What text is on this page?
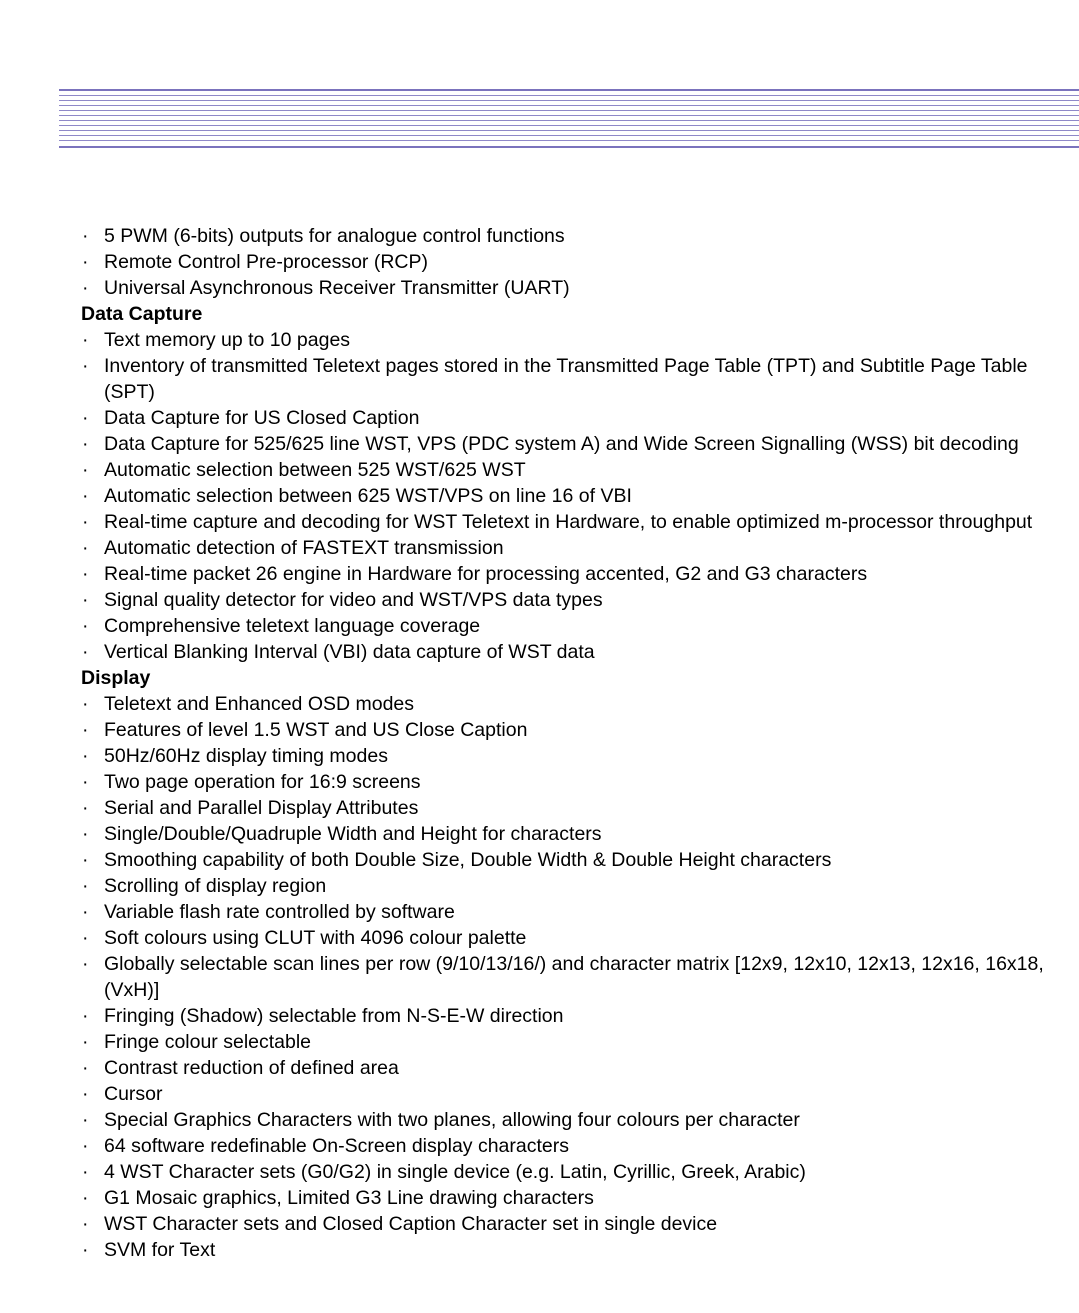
· 5 PWM (6-bits) outputs for analogue control functions
· Remote Control Pre-processor (RCP)
· Universal Asynchronous Receiver Transmitter (UART)
Data Capture
· Text memory up to 10 pages
· Inventory of transmitted Teletext pages stored in the Transmitted Page Table (TPT) and Subtitle Page Table (SPT)
· Data Capture for US Closed Caption
· Data Capture for 525/625 line WST, VPS (PDC system A) and Wide Screen Signalling (WSS) bit decoding
· Automatic selection between 525 WST/625 WST
· Automatic selection between 625 WST/VPS on line 16 of VBI
· Real-time capture and decoding for WST Teletext in Hardware, to enable optimized m-processor throughput
· Automatic detection of FASTEXT transmission
· Real-time packet 26 engine in Hardware for processing accented, G2 and G3 characters
· Signal quality detector for video and WST/VPS data types
· Comprehensive teletext language coverage
· Vertical Blanking Interval (VBI) data capture of WST data
Display
· Teletext and Enhanced OSD modes
· Features of level 1.5 WST and US Close Caption
· 50Hz/60Hz display timing modes
· Two page operation for 16:9 screens
· Serial and Parallel Display Attributes
· Single/Double/Quadruple Width and Height for characters
· Smoothing capability of both Double Size, Double Width & Double Height characters
· Scrolling of display region
· Variable flash rate controlled by software
· Soft colours using CLUT with 4096 colour palette
· Globally selectable scan lines per row (9/10/13/16/) and character matrix [12x9, 12x10, 12x13, 12x16, 16x18, (VxH)]
· Fringing (Shadow) selectable from N-S-E-W direction
· Fringe colour selectable
· Contrast reduction of defined area
· Cursor
· Special Graphics Characters with two planes, allowing four colours per character
· 64 software redefinable On-Screen display characters
· 4 WST Character sets (G0/G2) in single device (e.g. Latin, Cyrillic, Greek, Arabic)
· G1 Mosaic graphics, Limited G3 Line drawing characters
· WST Character sets and Closed Caption Character set in single device
· SVM for Text
